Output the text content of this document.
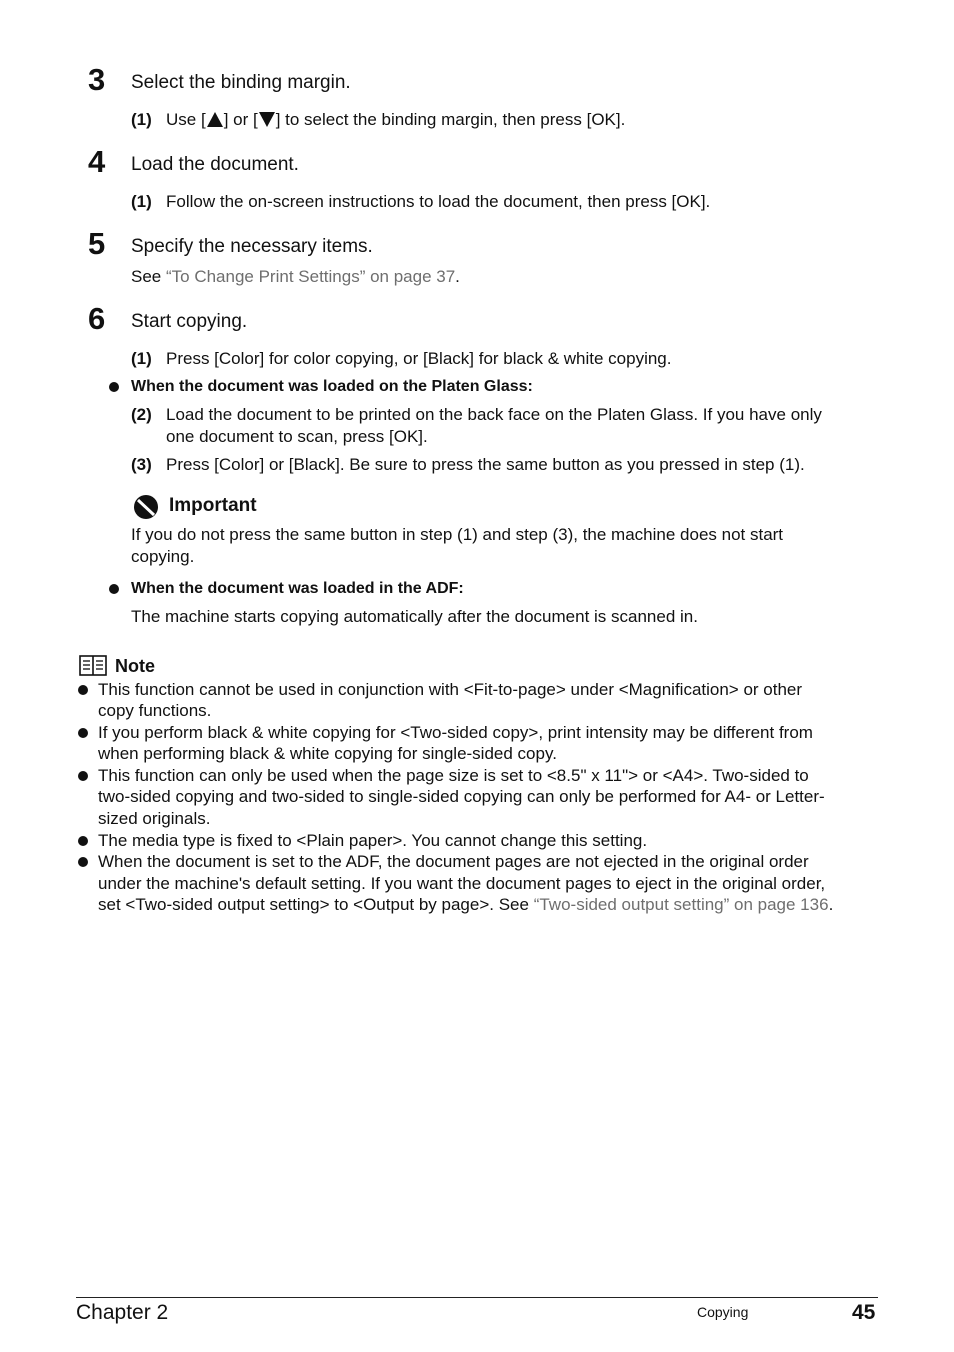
3 Select the binding margin.
(1) Use [ ] or [ ] to select the binding margin, then press [OK].
4 Load the document.
(1) Follow the on-screen instructions to load the document, then press [OK].
5 Specify the necessary items.
See “To Change Print Settings” on page 37.
6 Start copying.
(1) Press [Color] for color copying, or [Black] for black & white copying.
When the document was loaded on the Platen Glass:
(2) Load the document to be printed on the back face on the Platen Glass. If you have only
one document to scan, press [OK].
(3) Press [Color] or [Black]. Be sure to press the same button as you pressed in step (1).
Important
If you do not press the same button in step (1) and step (3), the machine does not start
copying.
When the document was loaded in the ADF:
The machine starts copying automatically after the document is scanned in.
Note
This function cannot be used in conjunction with <Fit-to-page> under <Magnification> or other
copy functions.
If you perform black & white copying for <Two-sided copy>, print intensity may be different from
when performing black & white copying for single-sided copy.
This function can only be used when the page size is set to <8.5" x 11"> or <A4>. Two-sided to
two-sided copying and two-sided to single-sided copying can only be performed for A4- or Letter-
sized originals.
The media type is fixed to <Plain paper>. You cannot change this setting.
When the document is set to the ADF, the document pages are not ejected in the original order
under the machine's default setting. If you want the document pages to eject in the original order,
set <Two-sided output setting> to <Output by page>. See “Two-sided output setting” on page 136.
Chapter 2	Copying	45
